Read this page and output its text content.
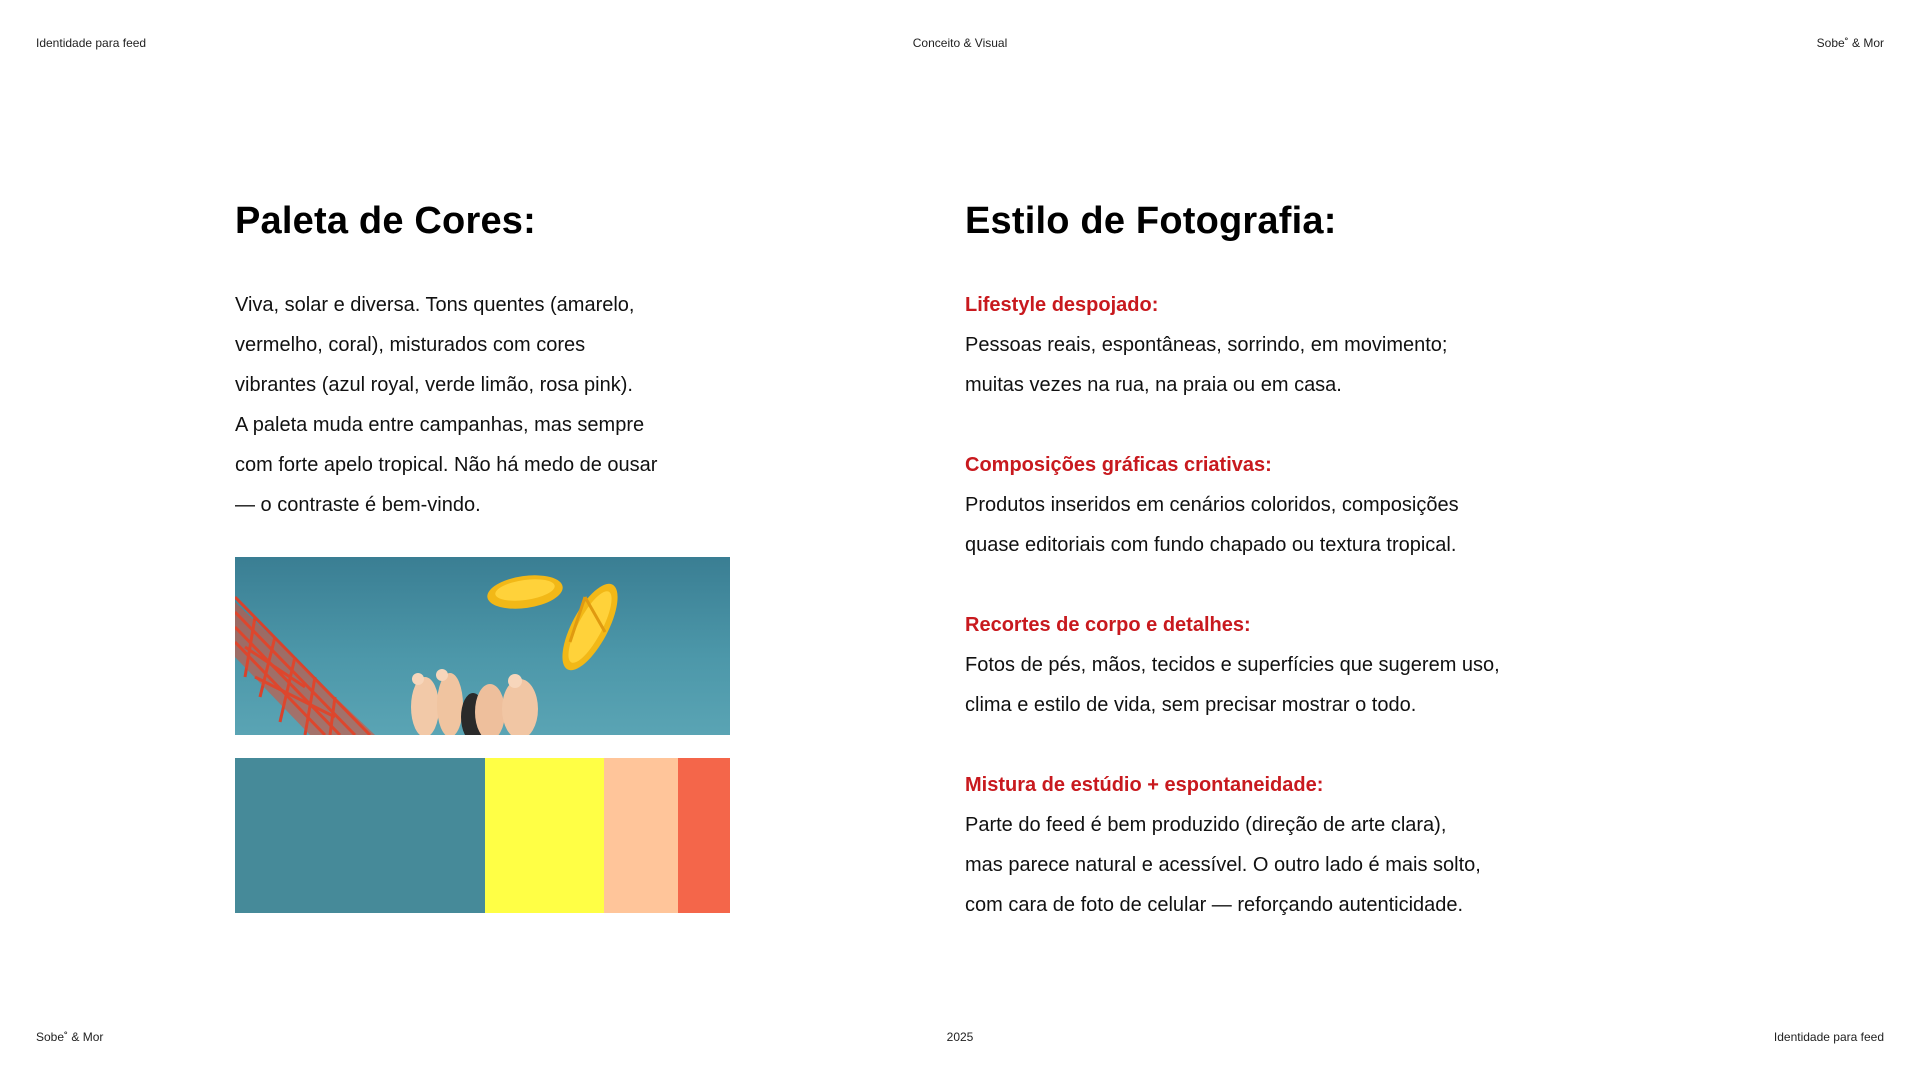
Identidade para feed	Conceito & Visual	Sobe˚ & Mor
Paleta de Cores:
Viva, solar e diversa. Tons quentes (amarelo,
vermelho, coral), misturados com cores
vibrantes (azul royal, verde limão, rosa pink).
A paleta muda entre campanhas, mas sempre
com forte apelo tropical. Não há medo de ousar
— o contraste é bem-vindo.
Estilo de Fotografia:
Lifestyle despojado:
Pessoas reais, espontâneas, sorrindo, em movimento;
muitas vezes na rua, na praia ou em casa.
Composições gráficas criativas:
Produtos inseridos em cenários coloridos, composições
quase editoriais com fundo chapado ou textura tropical.
Recortes de corpo e detalhes:
Fotos de pés, mãos, tecidos e superfícies que sugerem uso,
clima e estilo de vida, sem precisar mostrar o todo.
Mistura de estúdio + espontaneidade:
Parte do feed é bem produzido (direção de arte clara),
mas parece natural e acessível. O outro lado é mais solto,
com cara de foto de celular — reforçando autenticidade.
Sobe˚ & Mor	2025	Identidade para feed
